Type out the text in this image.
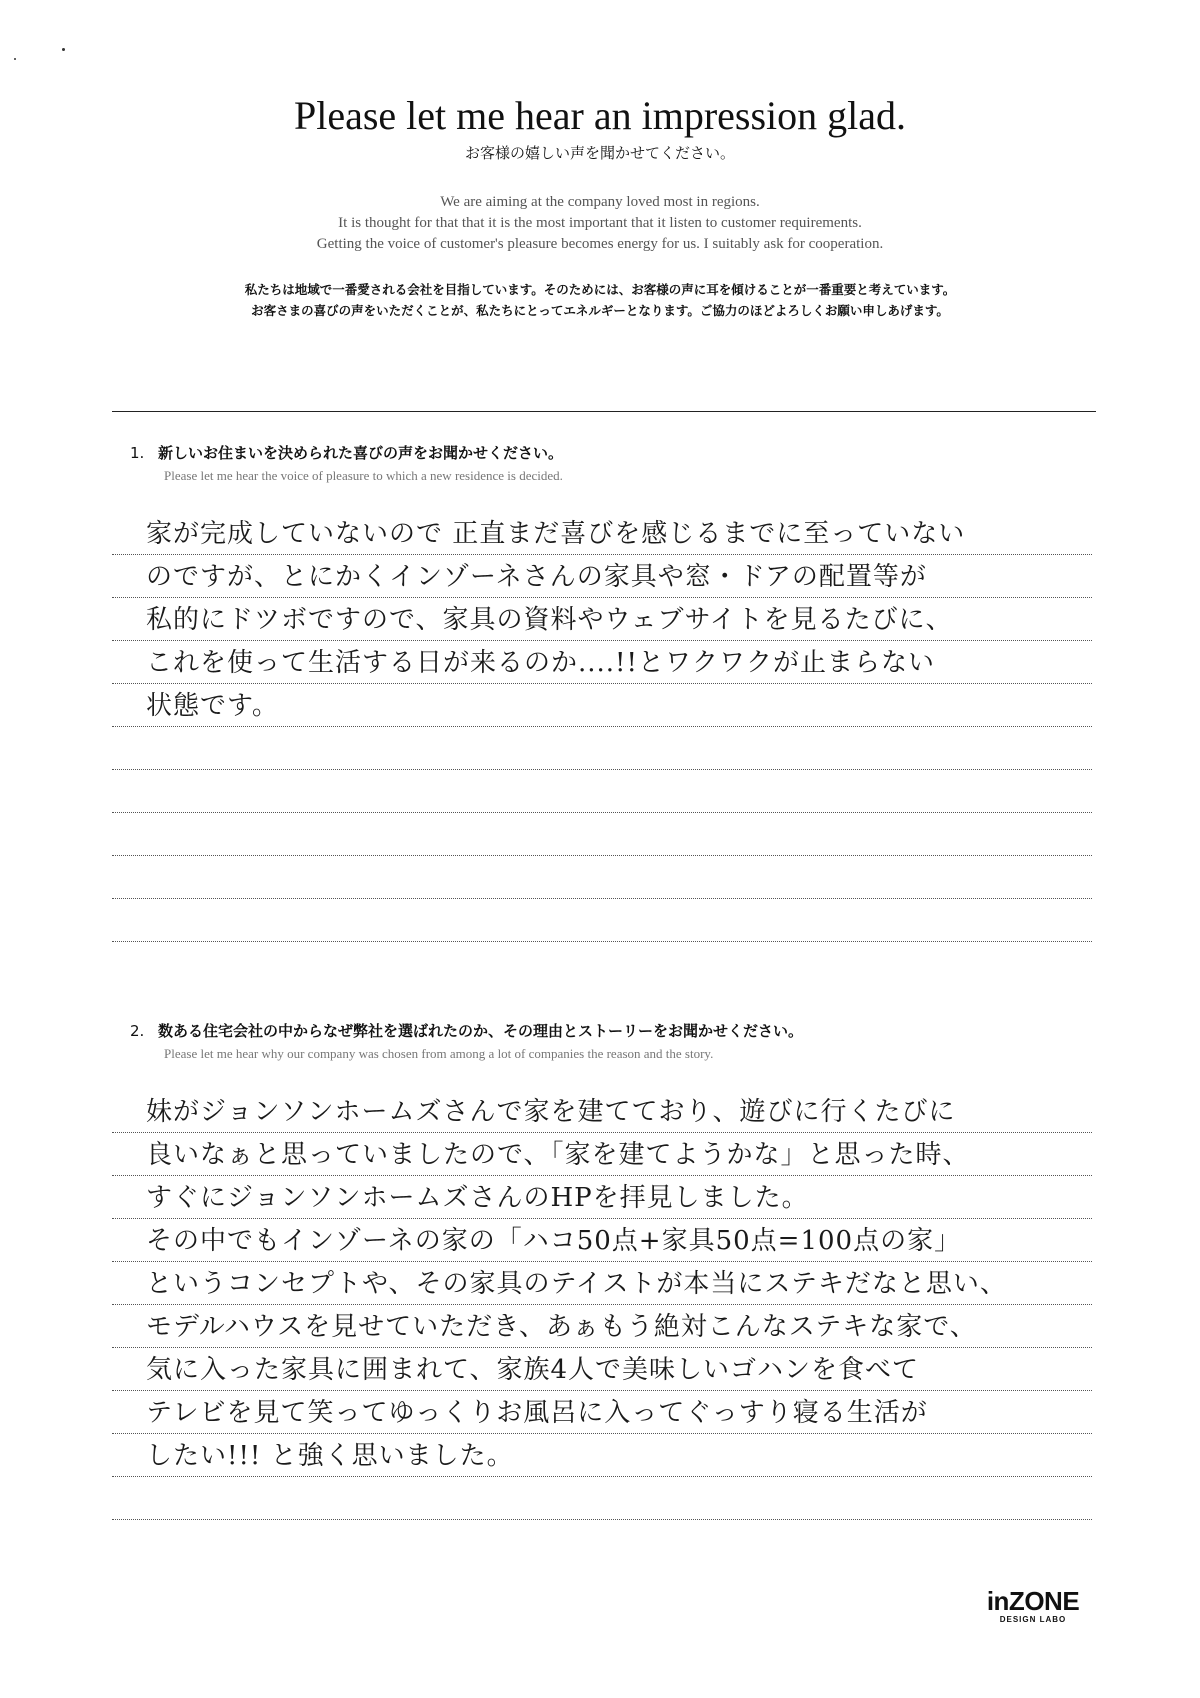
Please let me hear an impression glad.
お客様の嬉しい声を聞かせてください。
We are aiming at the company loved most in regions.
It is thought for that that it is the most important that it listen to customer requirements.
Getting the voice of customer's pleasure becomes energy for us. I suitably ask for cooperation.
私たちは地域で一番愛される会社を目指しています。そのためには、お客様の声に耳を傾けることが一番重要と考えています。
お客さまの喜びの声をいただくことが、私たちにとってエネルギーとなります。ご協力のほどよろしくお願い申しあげます。
1. 新しいお住まいを決められた喜びの声をお聞かせください。
Please let me hear the voice of pleasure to which a new residence is decided.
家が完成していないので 正直まだ喜びを感じるまでに至っていない
のですが、とにかくインゾーネさんの家具や窓・ドアの配置等が
私的にドツボですので、家具の資料やウェブサイトを見るたびに、
これを使って生活する日が来るのか....!!とワクワクが止まらない
状態です。
2. 数ある住宅会社の中からなぜ弊社を選ばれたのか、その理由とストーリーをお聞かせください。
Please let me hear why our company was chosen from among a lot of companies the reason and the story.
妹がジョンソンホームズさんで家を建てており、遊びに行くたびに
良いなぁと思っていましたので、「家を建てようかな」と思った時、
すぐにジョンソンホームズさんのHPを拝見しました。
その中でもインゾーネの家の「ハコ50点+家具50点=100点の家」
というコンセプトや、その家具のテイストが本当にステキだなと思い、
モデルハウスを見せていただき、あぁもう絶対こんなステキな家で、
気に入った家具に囲まれて、家族4人で美味しいゴハンを食べて
テレビを見て笑ってゆっくりお風呂に入ってぐっすり寝る生活が
したい!!! と強く思いました。
inZONE
DESIGN LABO
